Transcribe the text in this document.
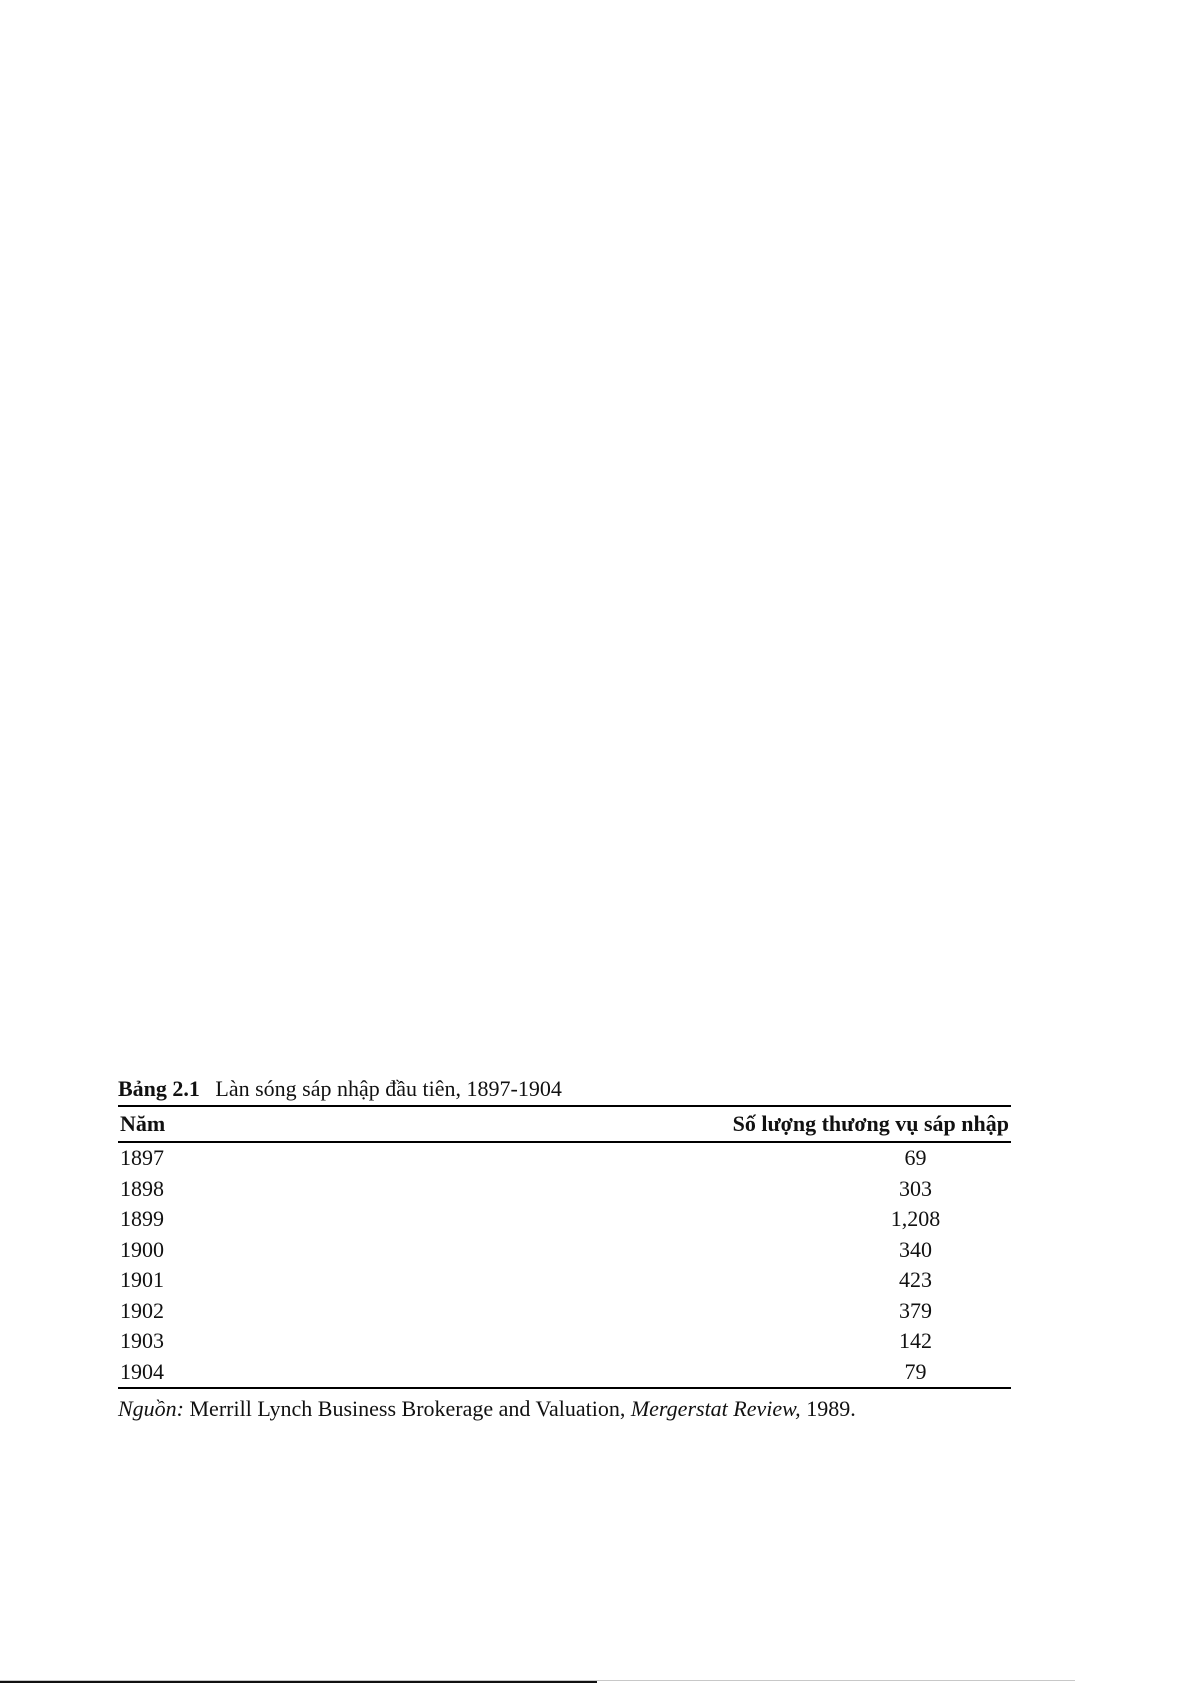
Bảng 2.1 Làn sóng sáp nhập đầu tiên, 1897-1904
Năm	Số lượng thương vụ sáp nhập
1897	69
1898	303
1899	1,208
1900	340
1901	423
1902	379
1903	142
1904	79
Nguồn: Merrill Lynch Business Brokerage and Valuation, Mergerstat Review, 1989.
